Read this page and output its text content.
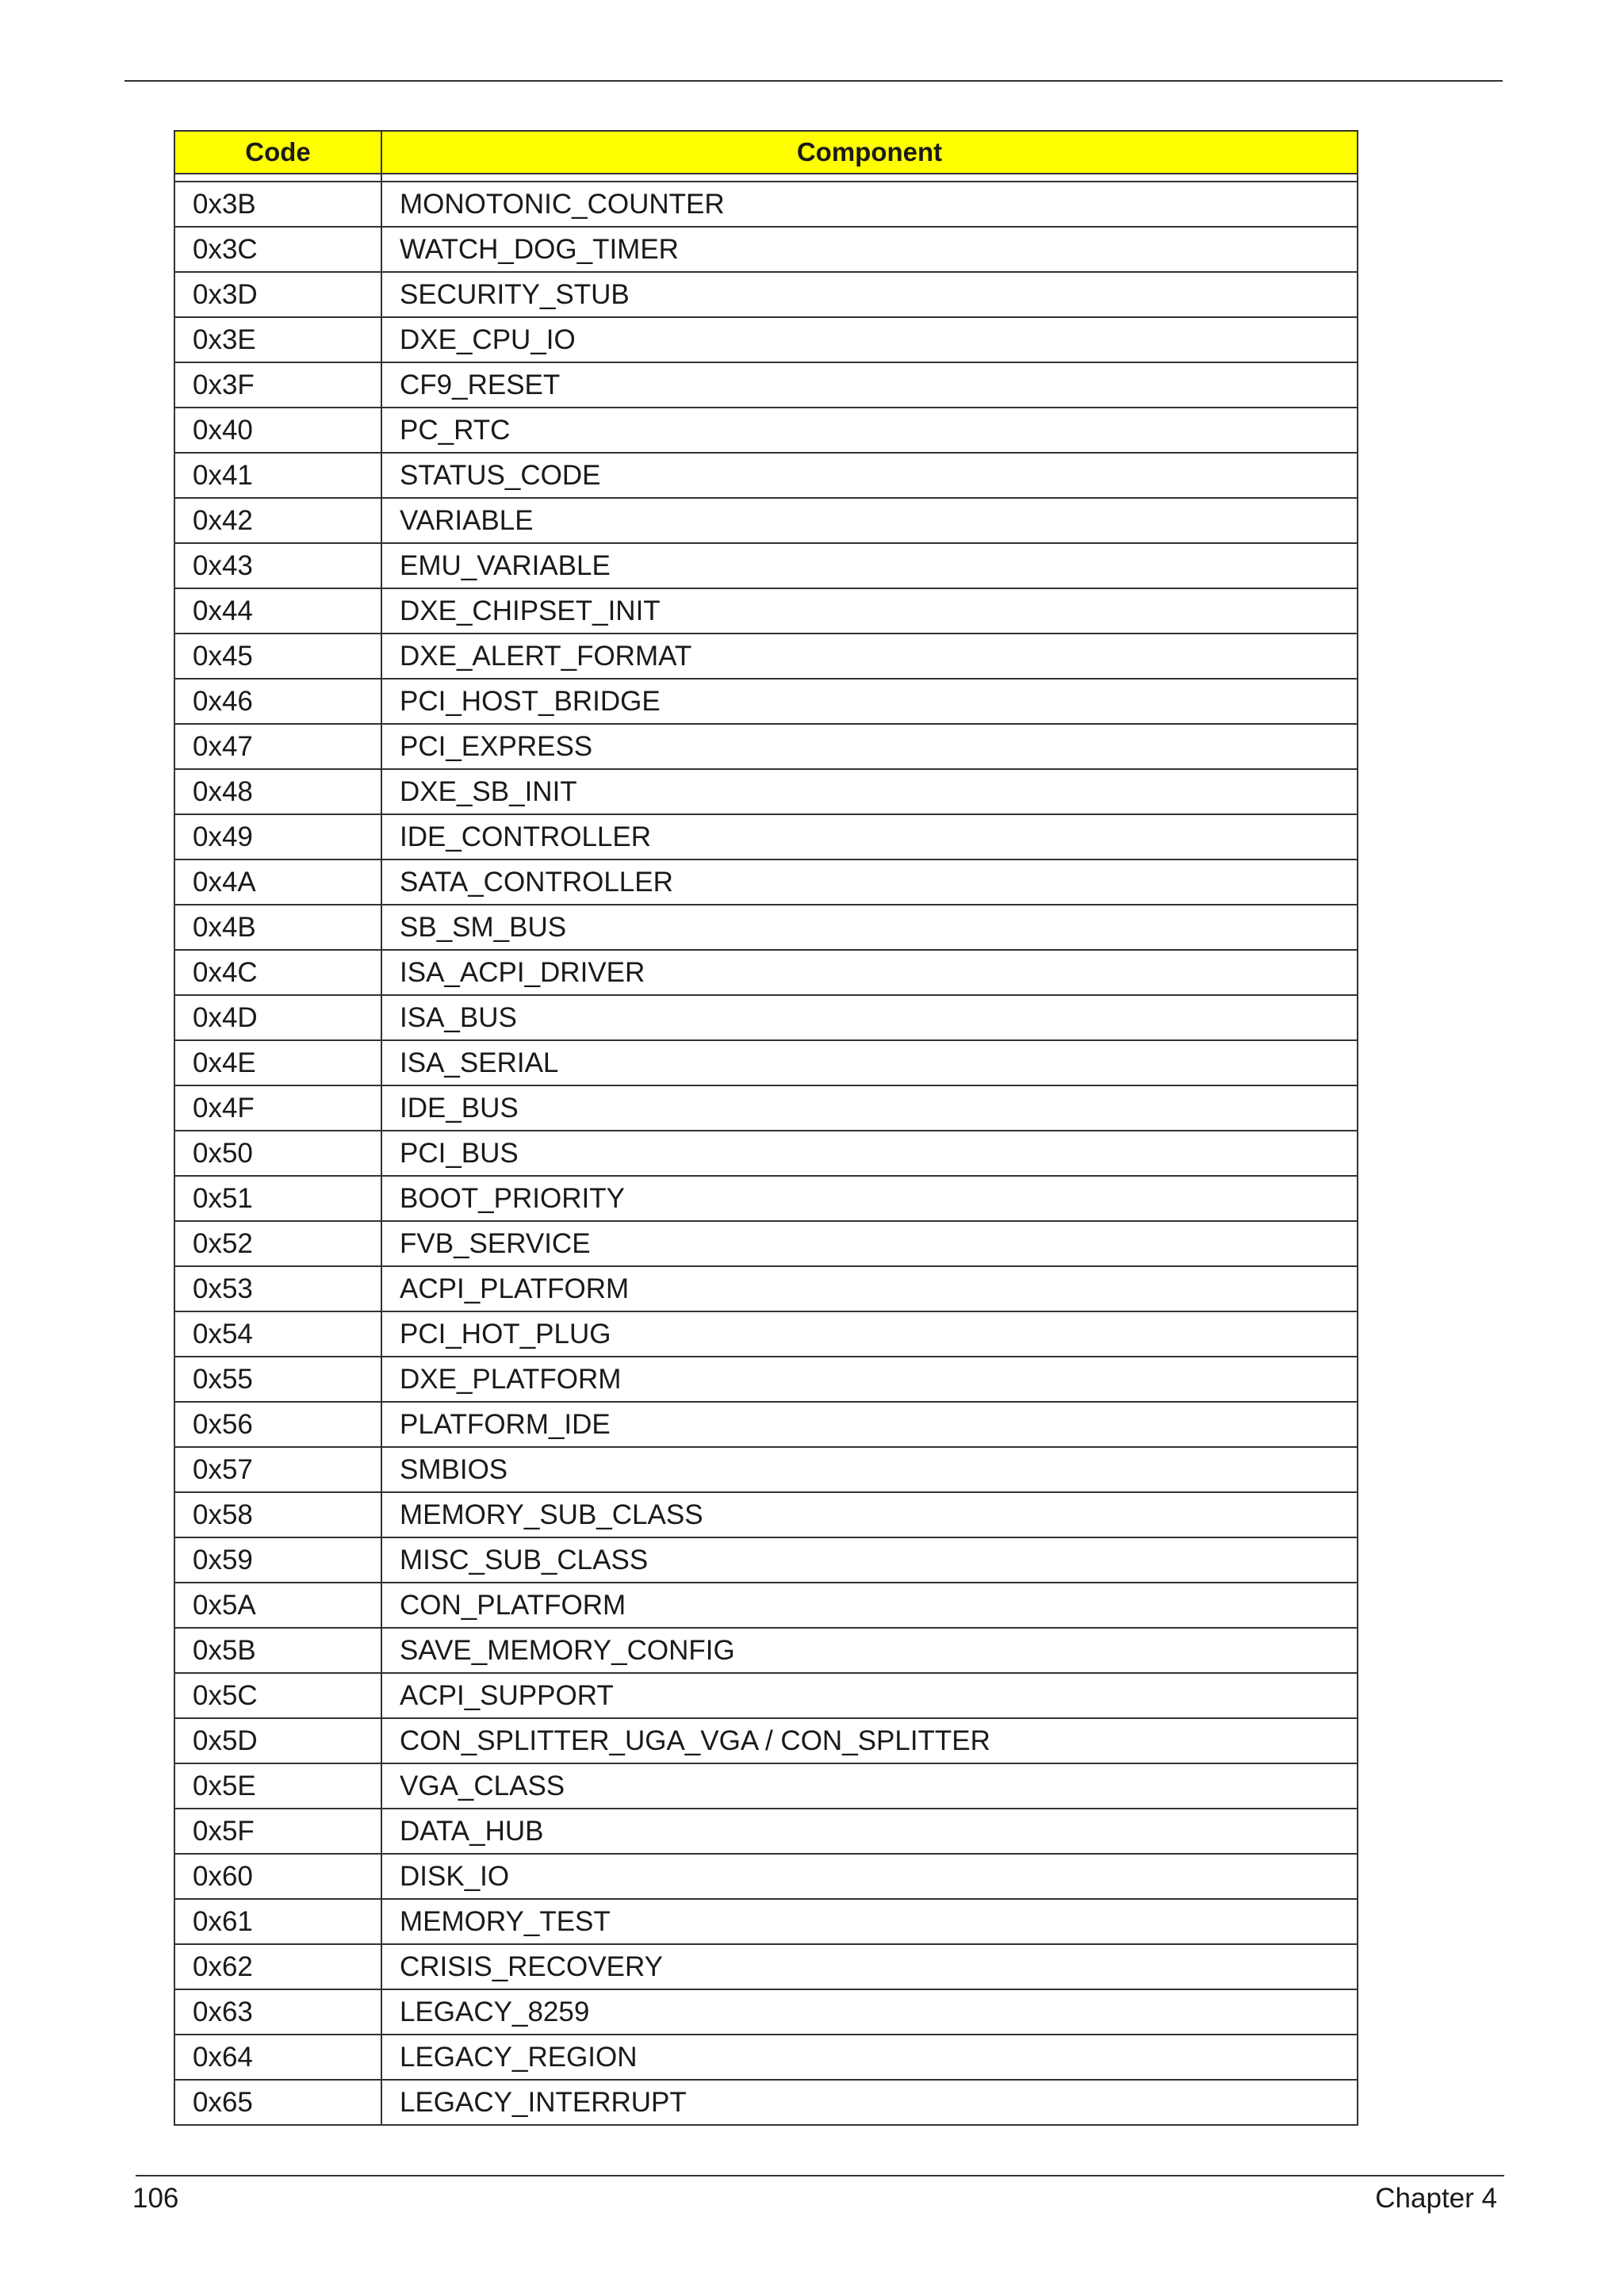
Code	Component

0x3B	MONOTONIC_COUNTER
0x3C	WATCH_DOG_TIMER
0x3D	SECURITY_STUB
0x3E	DXE_CPU_IO
0x3F	CF9_RESET
0x40	PC_RTC
0x41	STATUS_CODE
0x42	VARIABLE
0x43	EMU_VARIABLE
0x44	DXE_CHIPSET_INIT
0x45	DXE_ALERT_FORMAT
0x46	PCI_HOST_BRIDGE
0x47	PCI_EXPRESS
0x48	DXE_SB_INIT
0x49	IDE_CONTROLLER
0x4A	SATA_CONTROLLER
0x4B	SB_SM_BUS
0x4C	ISA_ACPI_DRIVER
0x4D	ISA_BUS
0x4E	ISA_SERIAL
0x4F	IDE_BUS
0x50	PCI_BUS
0x51	BOOT_PRIORITY
0x52	FVB_SERVICE
0x53	ACPI_PLATFORM
0x54	PCI_HOT_PLUG
0x55	DXE_PLATFORM
0x56	PLATFORM_IDE
0x57	SMBIOS
0x58	MEMORY_SUB_CLASS
0x59	MISC_SUB_CLASS
0x5A	CON_PLATFORM
0x5B	SAVE_MEMORY_CONFIG
0x5C	ACPI_SUPPORT
0x5D	CON_SPLITTER_UGA_VGA / CON_SPLITTER
0x5E	VGA_CLASS
0x5F	DATA_HUB
0x60	DISK_IO
0x61	MEMORY_TEST
0x62	CRISIS_RECOVERY
0x63	LEGACY_8259
0x64	LEGACY_REGION
0x65	LEGACY_INTERRUPT
106	Chapter 4
